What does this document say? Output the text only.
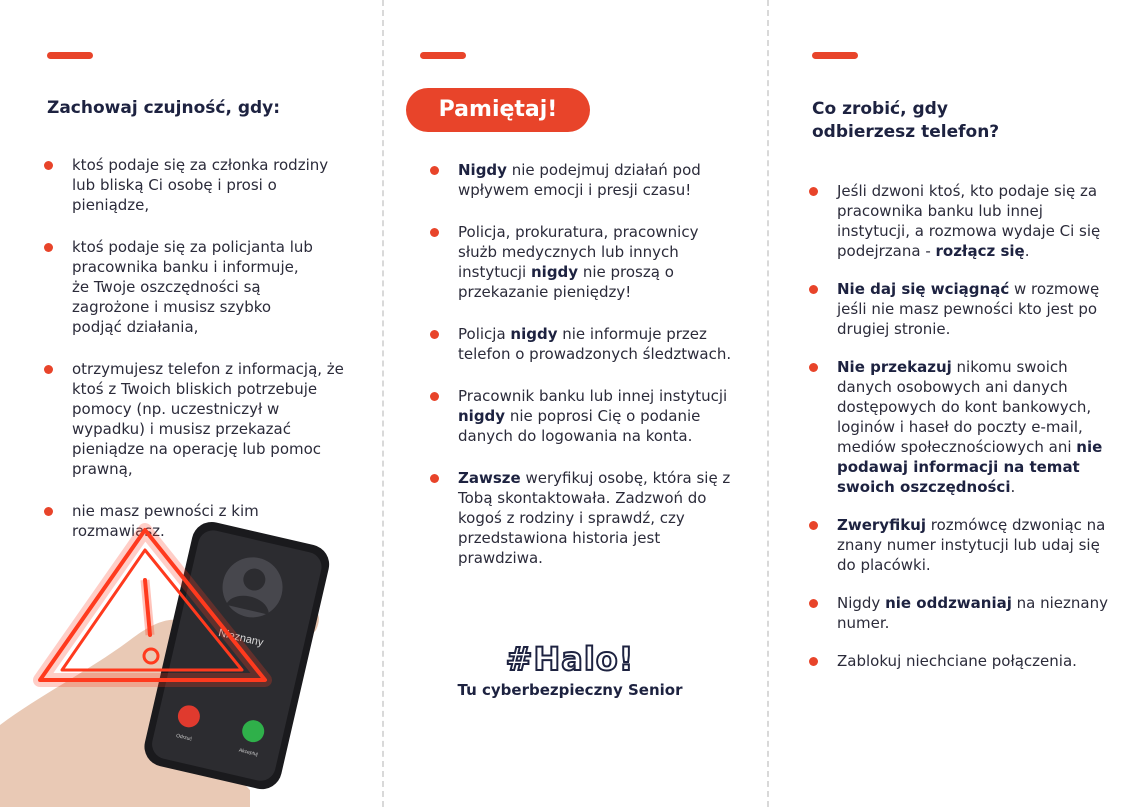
Zachowaj czujność, gdy:
ktoś podaje się za członka rodziny lub bliską Ci osobę i prosi o pieniądze,
ktoś podaje się za policjanta lub pracownika banku i informuje, że Twoje oszczędności są zagrożone i musisz szybko podjąć działania,
otrzymujesz telefon z informacją, że ktoś z Twoich bliskich potrzebuje pomocy (np. uczestniczył w wypadku) i musisz przekazać pieniądze na operację lub pomoc prawną,
nie masz pewności z kim rozmawiasz.
Nieznany
Odrzuć
Akceptuj
Pamiętaj!
Nigdy nie podejmuj działań pod wpływem emocji i presji czasu!
Policja, prokuratura, pracownicy służb medycznych lub innych instytucji nigdy nie proszą o przekazanie pieniędzy!
Policja nigdy nie informuje przez telefon o prowadzonych śledztwach.
Pracownik banku lub innej instytucji nigdy nie poprosi Cię o podanie danych do logowania na konta.
Zawsze weryfikuj osobę, która się z Tobą skontaktowała. Zadzwoń do kogoś z rodziny i sprawdź, czy przedstawiona historia jest prawdziwa.
#Halo!
Tu cyberbezpieczny Senior
Co zrobić, gdy
odbierzesz telefon?
Jeśli dzwoni ktoś, kto podaje się za pracownika banku lub innej instytucji, a rozmowa wydaje Ci się podejrzana - rozłącz się.
Nie daj się wciągnąć w rozmowę jeśli nie masz pewności kto jest po drugiej stronie.
Nie przekazuj nikomu swoich danych osobowych ani danych dostępowych do kont bankowych, loginów i haseł do poczty e-mail, mediów społecznościowych ani nie podawaj informacji na temat swoich oszczędności.
Zweryfikuj rozmówcę dzwoniąc na znany numer instytucji lub udaj się do placówki.
Nigdy nie oddzwaniaj na nieznany numer.
Zablokuj niechciane połączenia.
